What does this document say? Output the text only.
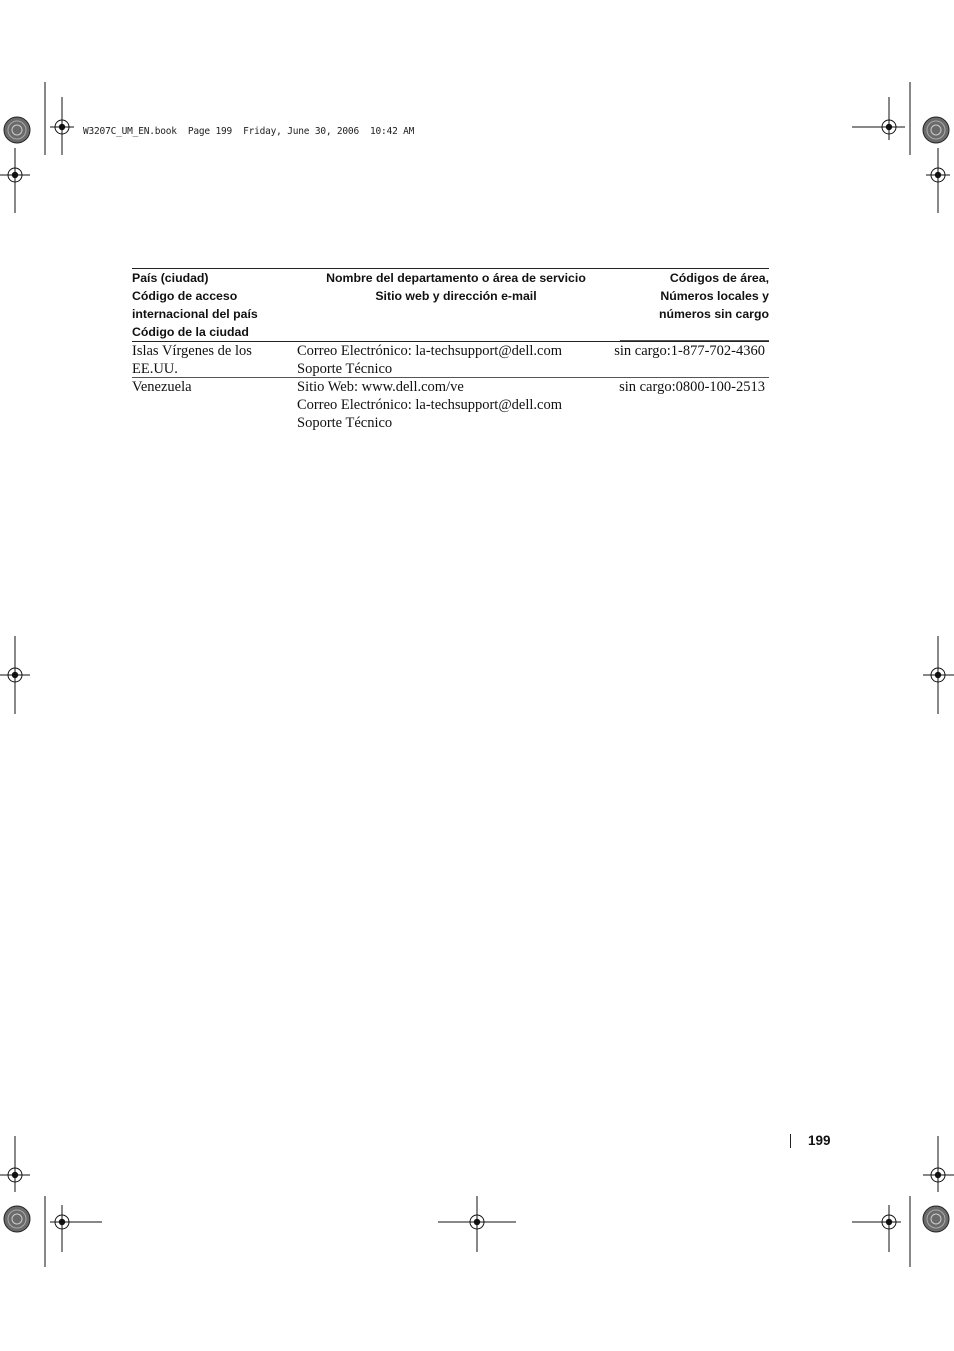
W3207C_UM_EN.book  Page 199  Friday, June 30, 2006  10:42 AM
País (ciudad)
Código de acceso
internacional del país
Código de la ciudad
Nombre del departamento o área de servicio
Sitio web y dirección e-mail
Códigos de área,
Números locales y
números sin cargo
Islas Vírgenes de los
EE.UU.
Correo Electrónico: la-techsupport@dell.com
Soporte Técnico
sin cargo:1-877-702-4360
Venezuela	Sitio Web: www.dell.com/ve
Correo Electrónico: la-techsupport@dell.com
Soporte Técnico
sin cargo:0800-100-2513
199
